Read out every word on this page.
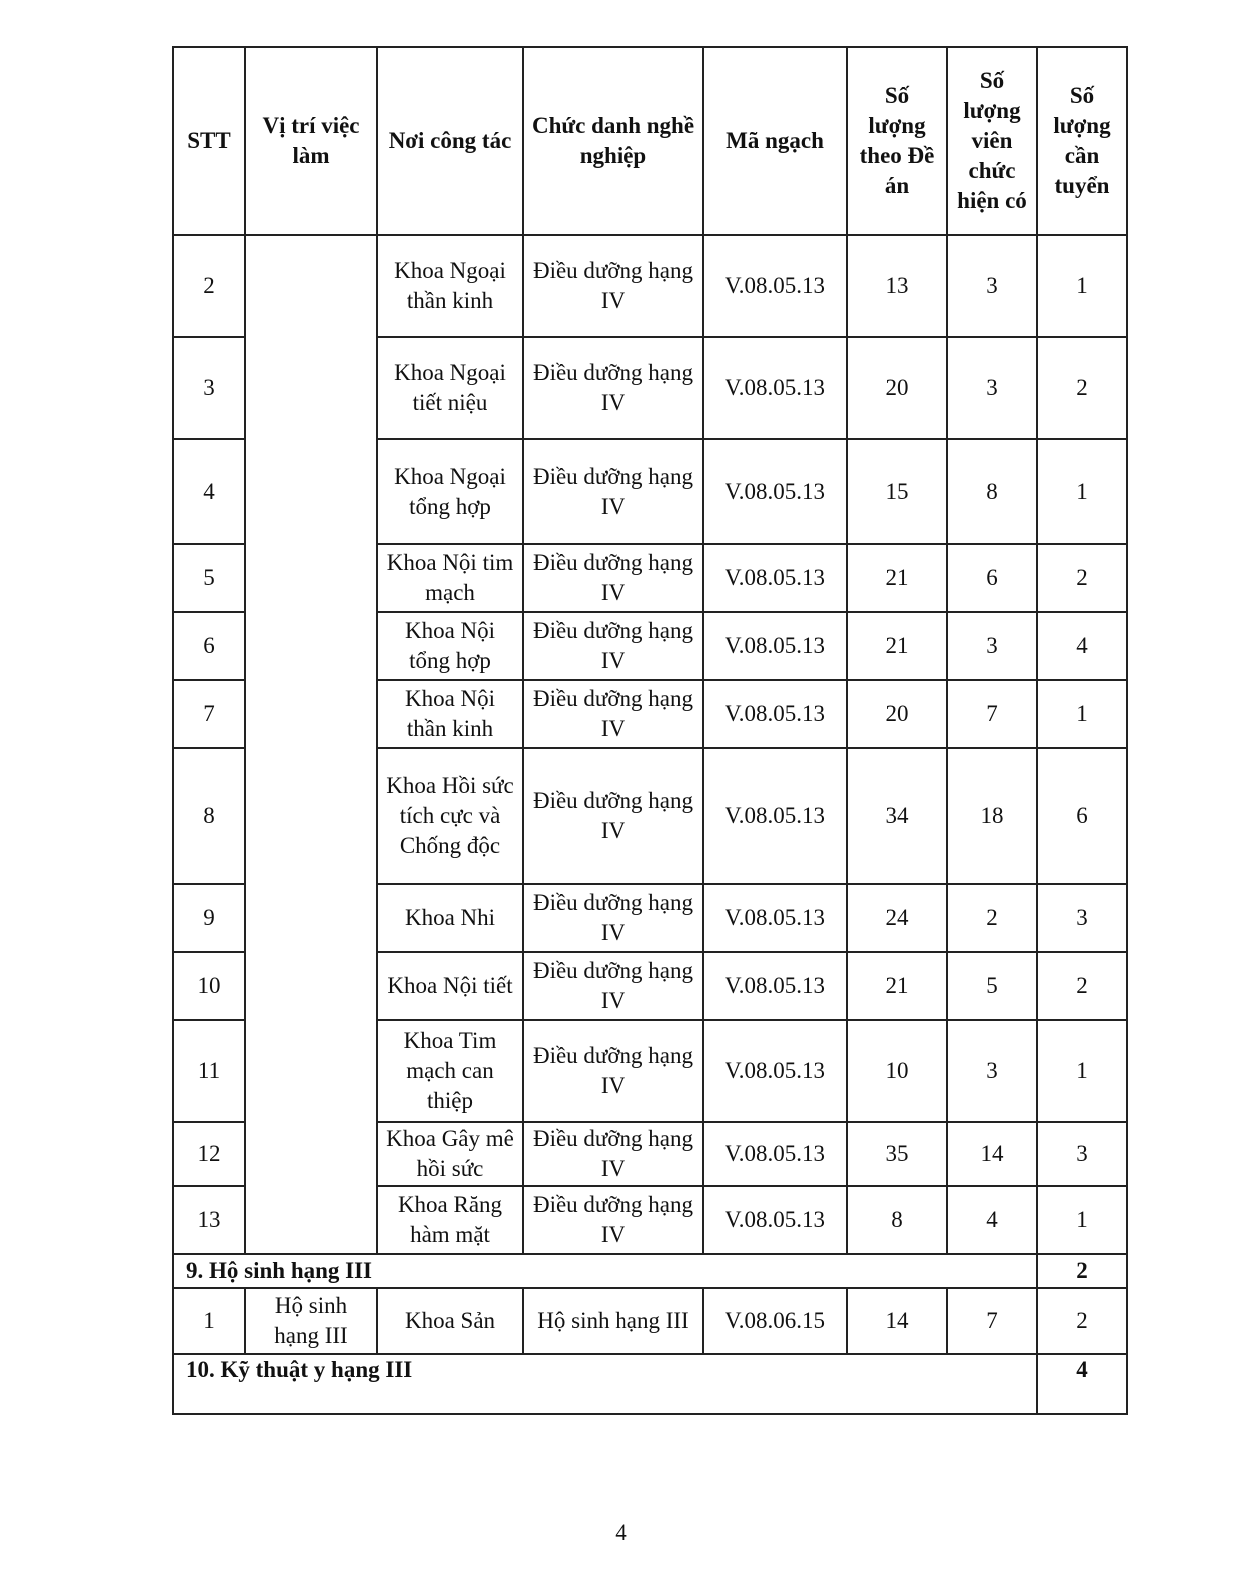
STT	Vị trí việc làm	Nơi công tác	Chức danh nghề nghiệp	Mã ngạch	Số lượng theo Đề án	Số lượng viên chức hiện có	Số lượng cần tuyển
2		Khoa Ngoại thần kinh	Điều dưỡng hạng IV	V.08.05.13	13	3	1
3		Khoa Ngoại tiết niệu	Điều dưỡng hạng IV	V.08.05.13	20	3	2
4		Khoa Ngoại tổng hợp	Điều dưỡng hạng IV	V.08.05.13	15	8	1
5		Khoa Nội tim mạch	Điều dưỡng hạng IV	V.08.05.13	21	6	2
6		Khoa Nội tổng hợp	Điều dưỡng hạng IV	V.08.05.13	21	3	4
7		Khoa Nội thần kinh	Điều dưỡng hạng IV	V.08.05.13	20	7	1
8		Khoa Hồi sức tích cực và Chống độc	Điều dưỡng hạng IV	V.08.05.13	34	18	6
9		Khoa Nhi	Điều dưỡng hạng IV	V.08.05.13	24	2	3
10		Khoa Nội tiết	Điều dưỡng hạng IV	V.08.05.13	21	5	2
11		Khoa Tim mạch can thiệp	Điều dưỡng hạng IV	V.08.05.13	10	3	1
12		Khoa Gây mê hồi sức	Điều dưỡng hạng IV	V.08.05.13	35	14	3
13		Khoa Răng hàm mặt	Điều dưỡng hạng IV	V.08.05.13	8	4	1
9. Hộ sinh hạng III							2
1	Hộ sinh hạng III	Khoa Sản	Hộ sinh hạng III	V.08.06.15	14	7	2
10. Kỹ thuật y hạng III							4
4
